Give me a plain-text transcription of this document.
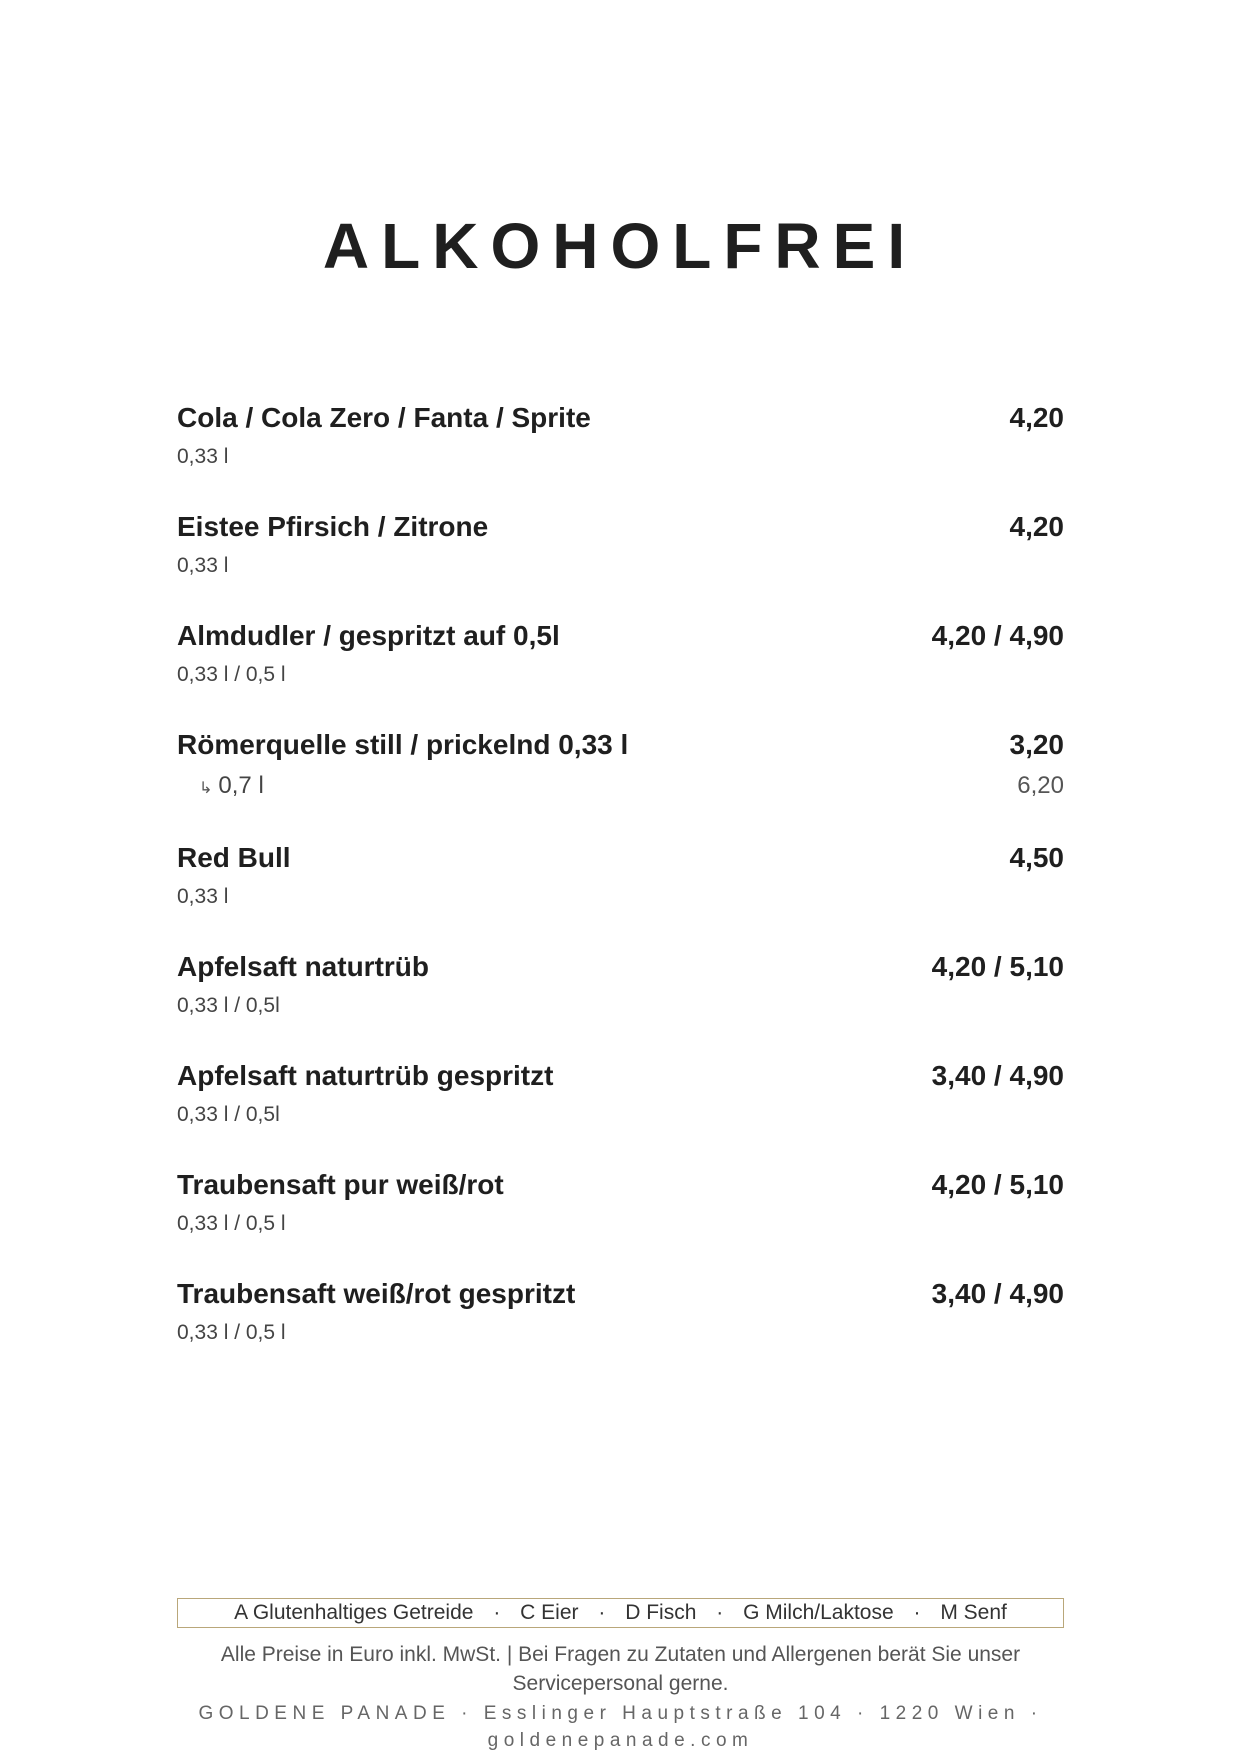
ALKOHOLFREI
Cola / Cola Zero / Fanta / Sprite	4,20
0,33 l
Eistee Pfirsich / Zitrone	4,20
0,33 l
Almdudler / gespritzt auf 0,5l	4,20 / 4,90
0,33 l / 0,5 l
Römerquelle still / prickelnd 0,33 l	3,20
↳ 0,7 l	6,20
Red Bull	4,50
0,33 l
Apfelsaft naturtrüb	4,20 / 5,10
0,33 l / 0,5l
Apfelsaft naturtrüb gespritzt	3,40 / 4,90
0,33 l / 0,5l
Traubensaft pur weiß/rot	4,20 / 5,10
0,33 l / 0,5 l
Traubensaft weiß/rot gespritzt	3,40 / 4,90
0,33 l / 0,5 l
A Glutenhaltiges Getreide · C Eier · D Fisch · G Milch/Laktose · M Senf
Alle Preise in Euro inkl. MwSt. | Bei Fragen zu Zutaten und Allergenen berät Sie unser Servicepersonal gerne.
GOLDENE PANADE · Esslinger Hauptstraße 104 · 1220 Wien · goldenepanade.com
